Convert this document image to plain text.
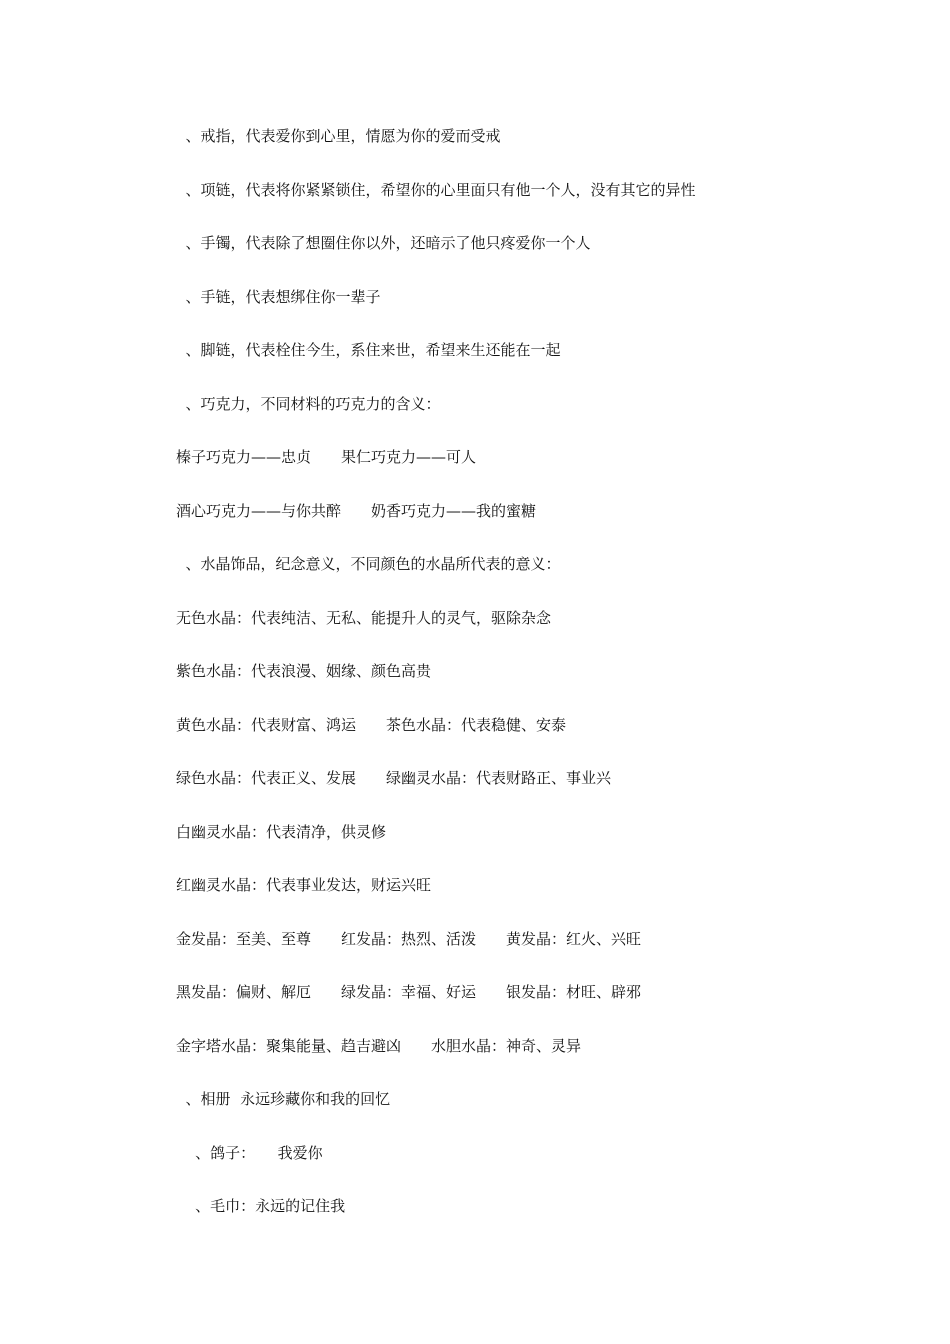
、戒指，代表爱你到心里，情愿为你的爱而受戒
、项链，代表将你紧紧锁住，希望你的心里面只有他一个人，没有其它的异性
、手镯，代表除了想圈住你以外，还暗示了他只疼爱你一个人
、手链，代表想绑住你一辈子
、脚链，代表栓住今生，系住来世，希望来生还能在一起
、巧克力，不同材料的巧克力的含义：
榛子巧克力——忠贞　　果仁巧克力——可人
酒心巧克力——与你共醉　　奶香巧克力——我的蜜糖
、水晶饰品，纪念意义，不同颜色的水晶所代表的意义：
无色水晶：代表纯洁、无私、能提升人的灵气，驱除杂念
紫色水晶：代表浪漫、姻缘、颜色高贵
黄色水晶：代表财富、鸿运　　茶色水晶：代表稳健、安泰
绿色水晶：代表正义、发展　　绿幽灵水晶：代表财路正、事业兴
白幽灵水晶：代表清净，供灵修
红幽灵水晶：代表事业发达，财运兴旺
金发晶：至美、至尊　　红发晶：热烈、活泼　　黄发晶：红火、兴旺
黑发晶：偏财、解厄　　绿发晶：幸福、好运　　银发晶：材旺、辟邪
金字塔水晶：聚集能量、趋吉避凶　　水胆水晶：神奇、灵异
、相册  永远珍藏你和我的回忆
、鸽子：　　我爱你
、毛巾：永远的记住我
